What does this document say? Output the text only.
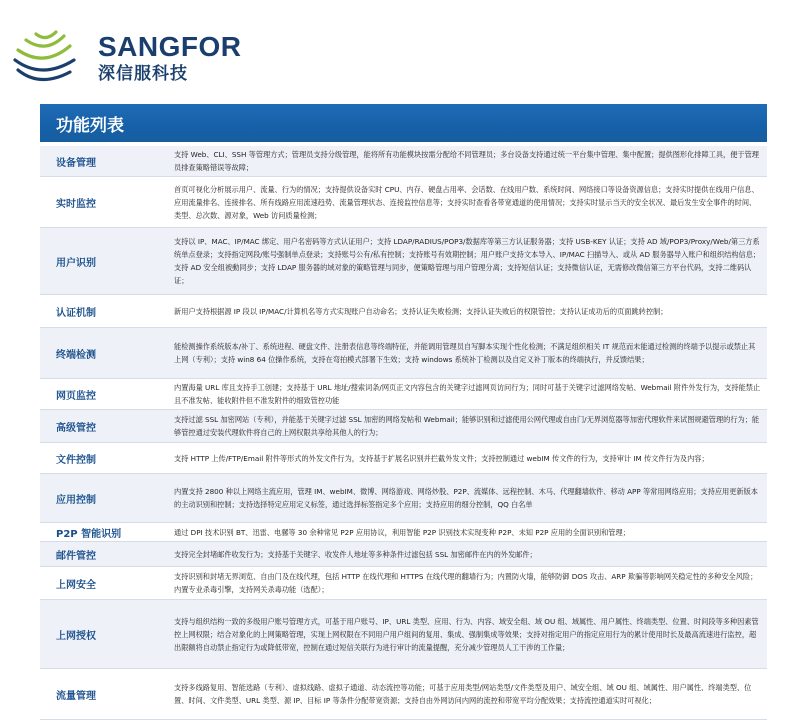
SANGFOR
深信服科技
功能列表
设备管理
支持 Web、CLI、SSH 等管理方式；管理员支持分级管理，能将所有功能模块按需分配给不同管理员；多台设备支持通过统一平台集中管理、集中配置；提供图形化排障工具，便于管理员排查策略错误等故障；
实时监控
首页可视化分析展示用户、流量、行为的情况；支持提供设备实时 CPU、内存、硬盘占用率、会话数、在线用户数、系统时间、网络接口等设备资源信息；支持实时提供在线用户信息、应用流量排名、连接排名、所有线路应用流速趋势、流量管理状态、连接监控信息等；支持实时查看各带宽通道的使用情况；支持实时显示当天的安全状况、最后发生安全事件的时间、类型、总次数、源对象，Web 访问质量检测；
用户识别
支持以 IP、MAC、IP/MAC 绑定、用户名密码等方式认证用户；支持 LDAP/RADIUS/POP3/数据库等第三方认证服务器；支持 USB-KEY 认证；支持 AD 域/POP3/Proxy/Web/第三方系统单点登录；支持指定网段/账号强制单点登录；支持账号公有/私有控制；支持账号有效期控制；用户账户支持文本导入、IP/MAC 扫描导入、或从 AD 服务器导入账户和组织结构信息；支持 AD 安全组被動同步；支持 LDAP 服务器的域对象的策略管理与同步，便策略管理与用户管理分离；支持短信认证；支持微信认证，无需修改微信第三方平台代码，支持二维码认证；
认证机制	新用户支持根据源 IP 段以 IP/MAC/计算机名等方式实现账户自动命名；支持认证失败检测；支持认证失败后的权限管控；支持认证成功后的页面跳转控制；
终端检测
能检测操作系统版本/补丁、系统进程、硬盘文件、注册表信息等终端特征，并能调用管理员自写脚本实现个性化检测；不满足组织相关 IT 规范而未能通过检测的终端予以提示或禁止其上网（专利）；支持 win8 64 位操作系统，支持在弯拍模式部署下生效；支持 windows 系统补丁检测以及自定义补丁版本的终端执行，并反馈结果；
网页监控
内置海量 URL 库且支持手工创建；支持基于 URL 地址/搜索词条/网页正文内容包含的关键字过滤网页访问行为；同时可基于关键字过滤网络发帖、Webmail 附件外发行为，支持能禁止且不准发帖、能收附件但不准发附件的细致管控功能
高级管控
支持过滤 SSL 加密网站（专利），并能基于关键字过滤 SSL 加密的网络发帖和 Webmail；能够识别和过滤使用公网代理或自由门/无界浏览器等加密代理软件来试图规避管理的行为；能够管控通过安装代理软件将自己的上网权限共享给其他人的行为；
文件控制	支持 HTTP 上传/FTP/Email 附件等形式的外发文件行为，支持基于扩展名识别并拦截外发文件；支持控制通过 webIM 传文件的行为，支持审计 IM 传文件行为及内容；
应用控制
内置支持 2800 种以上网络主流应用，管理 IM、webIM、微博、网络游戏、网络炒股、P2P、流媒体、远程控制、木马、代理翻墙软件、移动 APP 等常用网络应用；支持应用更新版本的主动识别和控制；支持选择特定应用定义标签，通过选择标签指定多个应用；支持应用的细分控制，QQ 白名单
P2P 智能识别	通过 DPI 技术识别 BT、迅雷、电骡等 30 余种常见 P2P 应用协议，利用智能 P2P 识别技术实现变种 P2P、未知 P2P 应用的全面识别和管理；
邮件管控	支持完全封堵邮件收发行为；支持基于关键字、收发件人地址等多种条件过滤包括 SSL 加密邮件在内的外发邮件；
上网安全
支持识别和封堵无界浏览、自由门及在线代理，包括 HTTP 在线代理和 HTTPS 在线代理的翻墙行为；内置防火墙，能够防御 DOS 攻击、ARP 欺骗等影响网关稳定性的多种安全风险；内置专业杀毒引擎，支持网关杀毒功能（选配）；
上网授权
支持与组织结构一致的多级用户账号管理方式，可基于用户账号、IP、URL 类型、应用、行为、内容、域安全组、域 OU 组、域属性、用户属性、终端类型、位置、时间段等多种因素管控上网权限；结合对象化的上网策略管理，实现上网权限在不同用户用户组间的复用、集成、强制集成等效果；支持对指定用户的指定应用行为的累计使用时长及最高流速进行监控，超出限额将自动禁止指定行为或降低带宽，控制在通过短信关联行为进行审计的流量提醒，充分减少管理员人工干涉的工作量；
流量管理
支持多线路复用、智能选路（专利）、虚拟线路、虚拟子通道、动态流控等功能；可基于应用类型/网站类型/文件类型及用户、域安全组、域 OU 组、域属性、用户属性、终端类型、位置、时间、文件类型、URL 类型、源 IP、目标 IP 等条件分配带宽资源；支持自由外网访问内网的流控和带宽平均分配效果；支持流控通道实时可视化；
